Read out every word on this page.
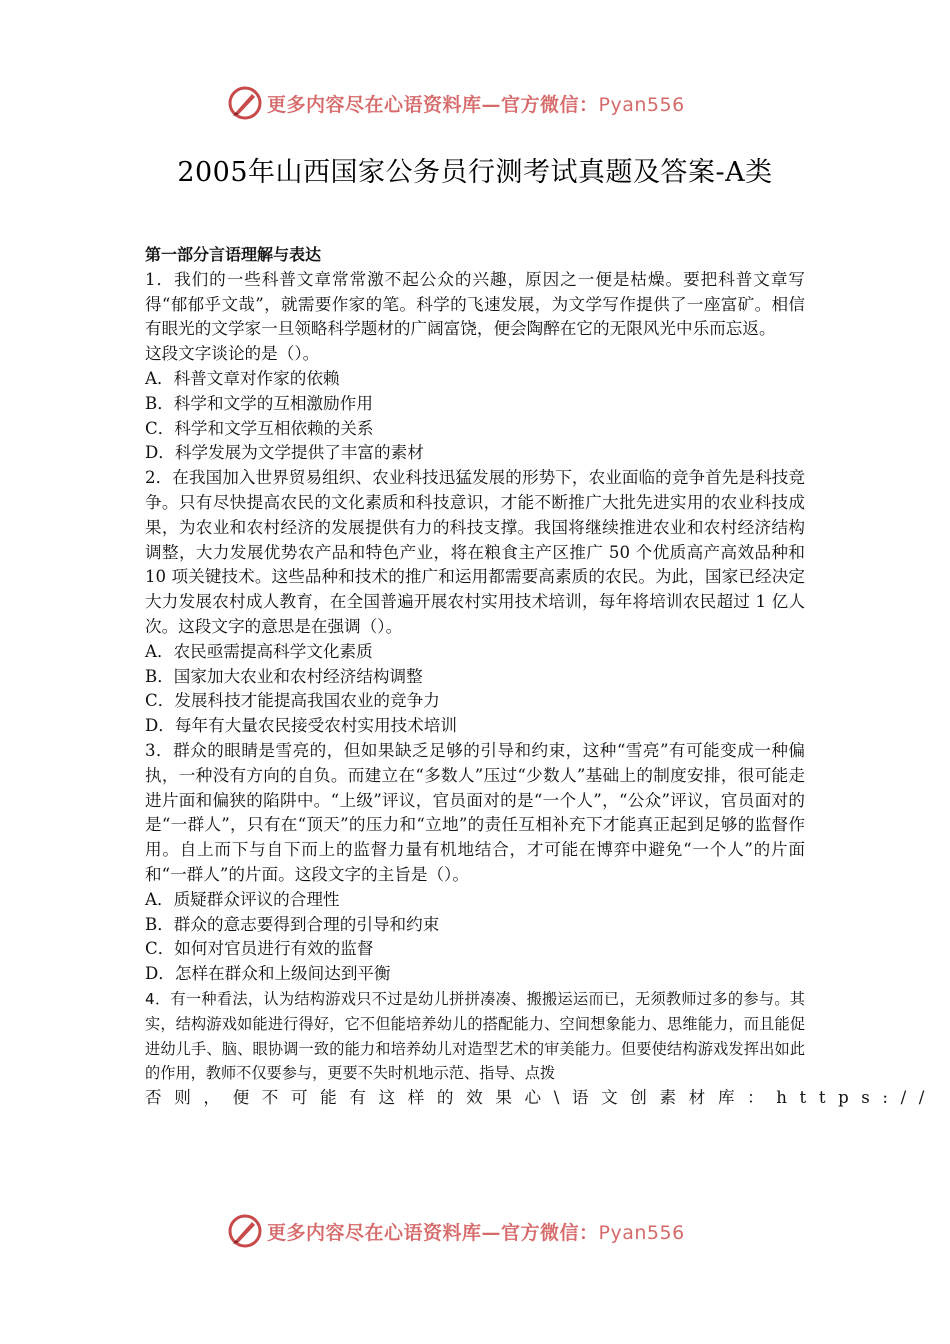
更多内容尽在心语资料库—官方微信：Pyan556
2005年山西国家公务员行测考试真题及答案-A类

第一部分言语理解与表达

1．我们的一些科普文章常常激不起公众的兴趣，原因之一便是枯燥。要把科普文章写得“郁郁乎文哉”，就需要作家的笔。科学的飞速发展，为文学写作提供了一座富矿。相信有眼光的文学家一旦领略科学题材的广阔富饶，便会陶醉在它的无限风光中乐而忘返。

这段文字谈论的是（）。

A．科普文章对作家的依赖

B．科学和文学的互相激励作用

C．科学和文学互相依赖的关系

D．科学发展为文学提供了丰富的素材

2．在我国加入世界贸易组织、农业科技迅猛发展的形势下，农业面临的竞争首先是科技竞争。只有尽快提高农民的文化素质和科技意识，才能不断推广大批先进实用的农业科技成果，为农业和农村经济的发展提供有力的科技支撑。我国将继续推进农业和农村经济结构调整，大力发展优势农产品和特色产业，将在粮食主产区推广 50 个优质高产高效品种和 10 项关键技术。这些品种和技术的推广和运用都需要高素质的农民。为此，国家已经决定大力发展农村成人教育，在全国普遍开展农村实用技术培训，每年将培训农民超过 1 亿人次。这段文字的意思是在强调（）。

A．农民亟需提高科学文化素质

B．国家加大农业和农村经济结构调整

C．发展科技才能提高我国农业的竞争力

D．每年有大量农民接受农村实用技术培训

3．群众的眼睛是雪亮的，但如果缺乏足够的引导和约束，这种“雪亮”有可能变成一种偏执，一种没有方向的自负。而建立在“多数人”压过“少数人”基础上的制度安排，很可能走进片面和偏狭的陷阱中。“上级”评议，官员面对的是“一个人”，“公众”评议，官员面对的是“一群人”，只有在“顶天”的压力和“立地”的责任互相补充下才能真正起到足够的监督作用。自上而下与自下而上的监督力量有机地结合，才可能在博弈中避免“一个人”的片面和“一群人”的片面。这段文字的主旨是（）。

A．质疑群众评议的合理性

B．群众的意志要得到合理的引导和约束

C．如何对官员进行有效的监督

D．怎样在群众和上级间达到平衡

4．有一种看法，认为结构游戏只不过是幼儿拼拼凑凑、搬搬运运而已，无须教师过多的参与。其实，结构游戏如能进行得好，它不但能培养幼儿的搭配能力、空间想象能力、思维能力，而且能促进幼儿手、脑、眼协调一致的能力和培养幼儿对造型艺术的审美能力。但要使结构游戏发挥出如此的作用，教师不仅要参与，更要不失时机地示范、指导、点拨

否则，便不可能有这样的效果心\语文创素材库：https://

更多内容尽在心语资料库—官方微信：Pyan556
